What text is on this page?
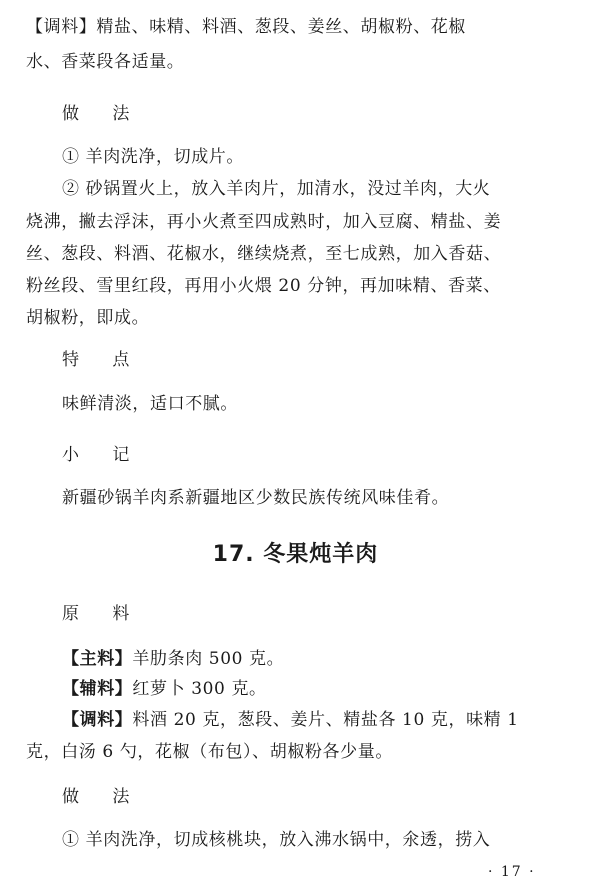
【调料】精盐、味精、料酒、葱段、姜丝、胡椒粉、花椒
水、香菜段各适量。
做 法
① 羊肉洗净，切成片。
② 砂锅置火上，放入羊肉片，加清水，没过羊肉，大火
烧沸，撇去浮沫，再小火煮至四成熟时，加入豆腐、精盐、姜
丝、葱段、料酒、花椒水，继续烧煮，至七成熟，加入香菇、
粉丝段、雪里红段，再用小火煨 20 分钟，再加味精、香菜、
胡椒粉，即成。
特 点
味鲜清淡，适口不腻。
小 记
新疆砂锅羊肉系新疆地区少数民族传统风味佳肴。
17. 冬果炖羊肉
原 料
【主料】羊肋条肉 500 克。
【辅料】红萝卜 300 克。
【调料】料酒 20 克，葱段、姜片、精盐各 10 克，味精 1
克，白汤 6 勺，花椒（布包）、胡椒粉各少量。
做 法
① 羊肉洗净，切成核桃块，放入沸水锅中，氽透，捞入
· 17 ·
